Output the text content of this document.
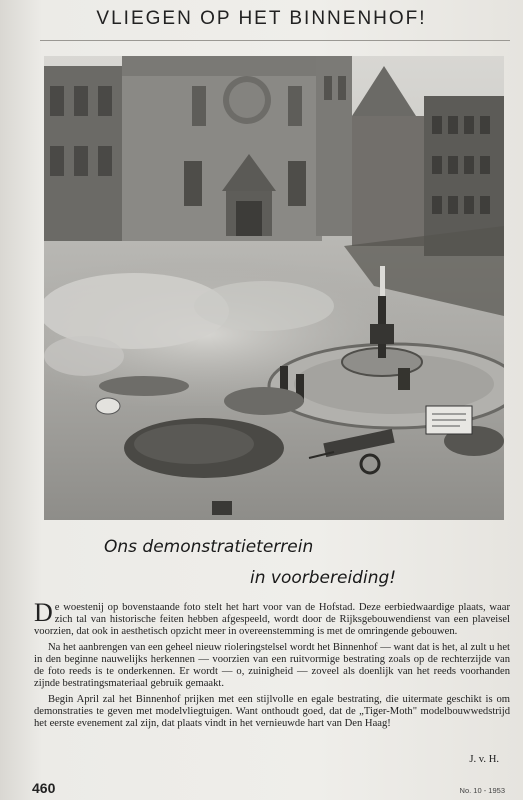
VLIEGEN OP HET BINNENHOF!
Ons demonstratieterrein
in voorbereiding!

De woestenij op bovenstaande foto stelt het hart voor van de Hofstad. Deze eerbiedwaardige plaats, waar zich tal van historische feiten hebben afgespeeld, wordt door de Rijksgebouwendienst van een plaveisel voorzien, dat ook in aesthetisch opzicht meer in overeenstemming is met de omringende gebouwen.

Na het aanbrengen van een geheel nieuw rioleringstelsel wordt het Binnenhof — want dat is het, al zult u het in den beginne nauwelijks herkennen — voorzien van een ruitvormige bestrating zoals op de rechterzijde van de foto reeds is te onderkennen. Er wordt — o, zuinigheid — zoveel als doenlijk van het reeds voorhanden zijnde bestratingsmateriaal gebruik gemaakt.

Begin April zal het Binnenhof prijken met een stijlvolle en egale bestrating, die uitermate geschikt is om demonstraties te geven met modelvliegtuigen. Want onthoudt goed, dat de „Tiger-Moth" modelbouwwedstrijd het eerste evenement zal zijn, dat plaats vindt in het vernieuwde hart van Den Haag!

J. v. H.
460	No. 10 - 1953
